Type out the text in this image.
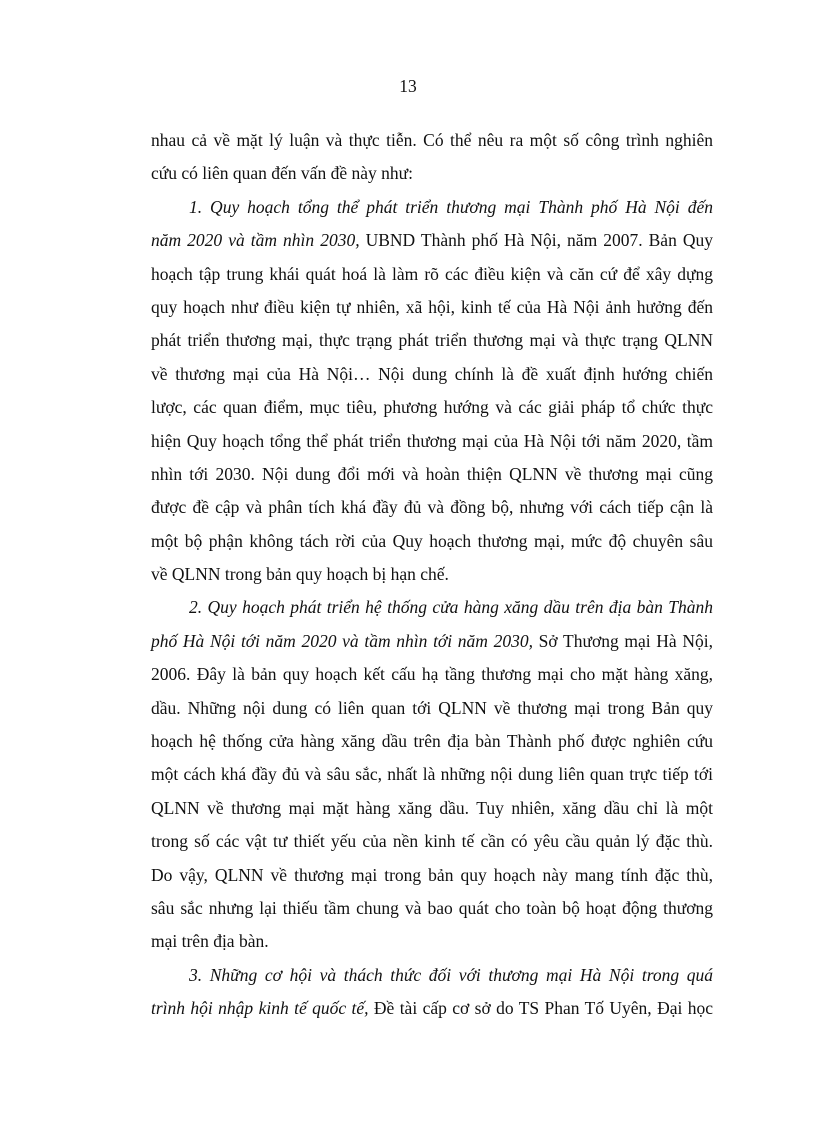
13
nhau cả về mặt lý luận và thực tiễn. Có thể nêu ra một số công trình nghiên
cứu có liên quan đến vấn đề này như:
1. Quy hoạch tổng thể phát triển thương mại Thành phố Hà Nội đến
năm 2020 và tầm nhìn 2030, UBND Thành phố Hà Nội, năm 2007. Bản Quy
hoạch tập trung khái quát hoá là làm rõ các điều kiện và căn cứ để xây dựng
quy hoạch như điều kiện tự nhiên, xã hội, kinh tế của Hà Nội ảnh hưởng đến
phát triển thương mại, thực trạng phát triển thương mại và thực trạng QLNN
về thương mại của Hà Nội… Nội dung chính là đề xuất định hướng chiến
lược, các quan điểm, mục tiêu, phương hướng và các giải pháp tổ chức thực
hiện Quy hoạch tổng thể phát triển thương mại của Hà Nội tới năm 2020, tầm
nhìn tới 2030. Nội dung đổi mới và hoàn thiện QLNN về thương mại cũng
được đề cập và phân tích khá đầy đủ và đồng bộ, nhưng với cách tiếp cận là
một bộ phận không tách rời của Quy hoạch thương mại, mức độ chuyên sâu
về QLNN trong bản quy hoạch bị hạn chế.
2. Quy hoạch phát triển hệ thống cửa hàng xăng dầu trên địa bàn Thành
phố Hà Nội tới năm 2020 và tầm nhìn tới năm 2030, Sở Thương mại Hà Nội,
2006. Đây là bản quy hoạch kết cấu hạ tầng thương mại cho mặt hàng xăng,
dầu. Những nội dung có liên quan tới QLNN về thương mại trong Bản quy
hoạch hệ thống cửa hàng xăng dầu trên địa bàn Thành phố được nghiên cứu
một cách khá đầy đủ và sâu sắc, nhất là những nội dung liên quan trực tiếp tới
QLNN về thương mại mặt hàng xăng dầu. Tuy nhiên, xăng dầu chỉ là một
trong số các vật tư thiết yếu của nền kinh tế cần có yêu cầu quản lý đặc thù.
Do vậy, QLNN về thương mại trong bản quy hoạch này mang tính đặc thù,
sâu sắc nhưng lại thiếu tầm chung và bao quát cho toàn bộ hoạt động thương
mại trên địa bàn.
3. Những cơ hội và thách thức đối với thương mại Hà Nội trong quá
trình hội nhập kinh tế quốc tế, Đề tài cấp cơ sở do TS Phan Tố Uyên, Đại học
